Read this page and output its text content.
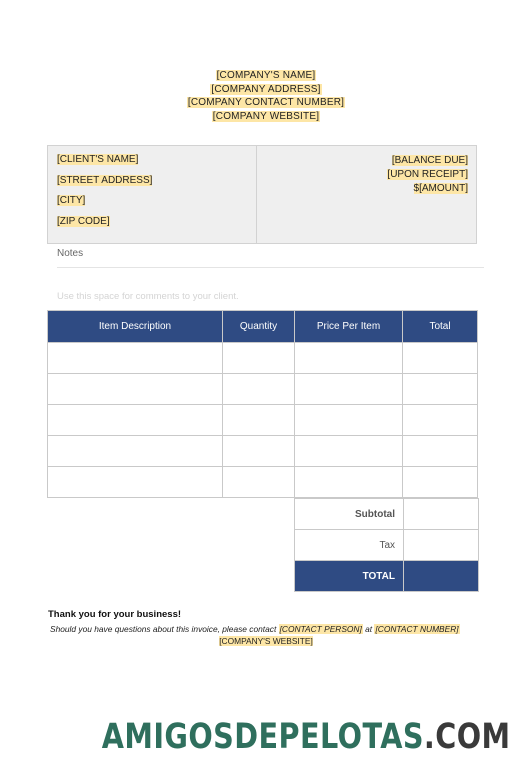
[COMPANY'S NAME]
[COMPANY ADDRESS]
[COMPANY CONTACT NUMBER]
[COMPANY WEBSITE]
[CLIENT'S NAME]
[STREET ADDRESS]
[CITY]
[ZIP CODE]
[BALANCE DUE]
[UPON RECEIPT]
$[AMOUNT]
Notes
Use this space for comments to your client.
Item Description	Quantity	Price Per Item	Total

Subtotal	
Tax	
TOTAL	
Thank you for your business!
Should you have questions about this invoice, please contact [CONTACT PERSON] at [CONTACT NUMBER]
[COMPANY'S WEBSITE]
AMIGOSDEPELOTAS.COM
